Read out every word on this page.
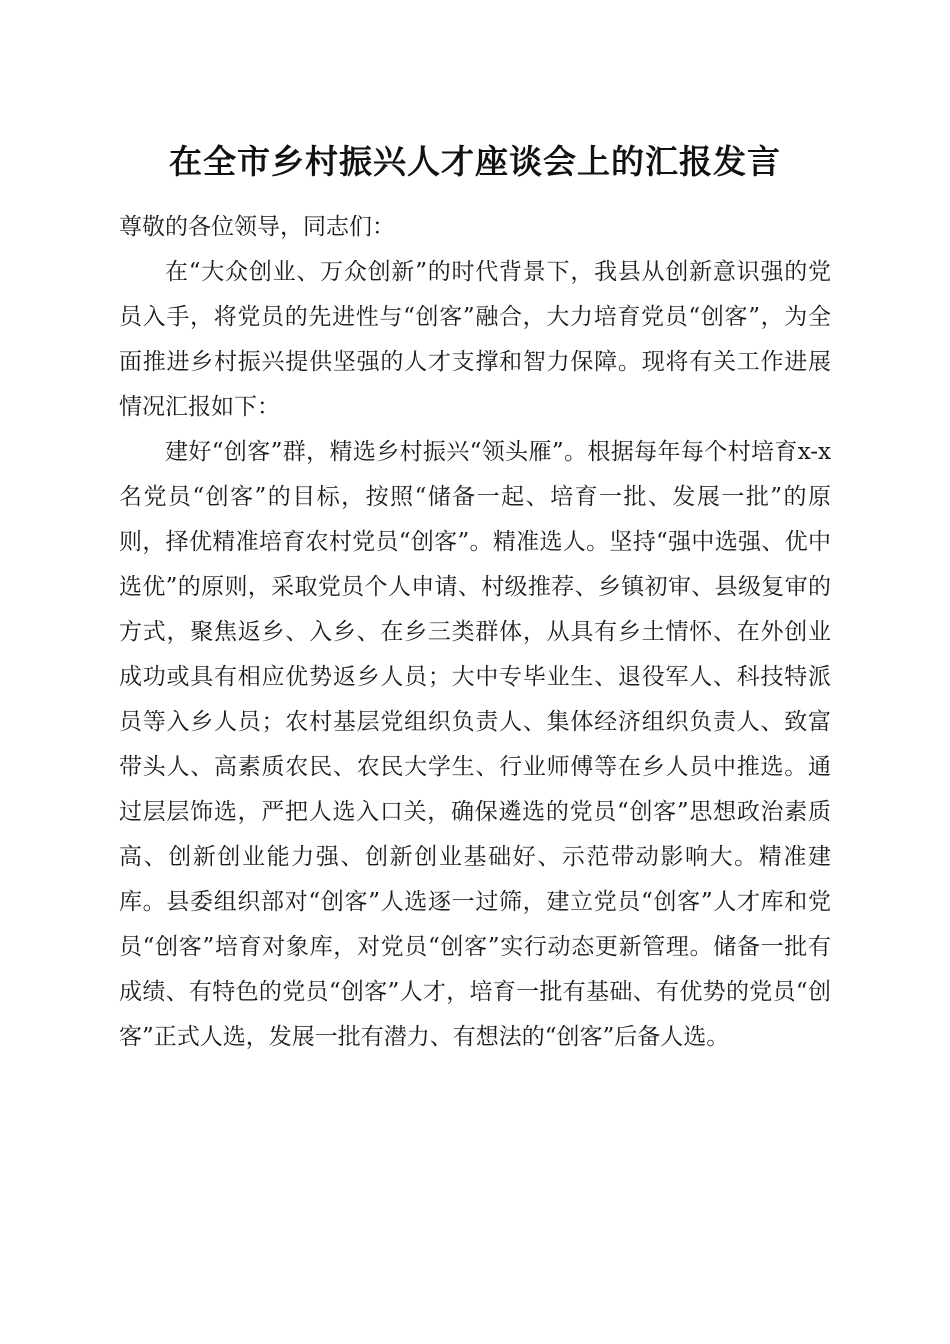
在全市乡村振兴人才座谈会上的汇报发言

尊敬的各位领导，同志们：

在“大众创业、万众创新”的时代背景下，我县从创新意识强的党员入手，将党员的先进性与“创客”融合，大力培育党员“创客”，为全面推进乡村振兴提供坚强的人才支撑和智力保障。现将有关工作进展情况汇报如下：

建好“创客”群，精选乡村振兴“领头雁”。根据每年每个村培育x-x名党员“创客”的目标，按照“储备一起、培育一批、发展一批”的原则，择优精准培育农村党员“创客”。精准选人。坚持“强中选强、优中选优”的原则，采取党员个人申请、村级推荐、乡镇初审、县级复审的方式，聚焦返乡、入乡、在乡三类群体，从具有乡土情怀、在外创业成功或具有相应优势返乡人员；大中专毕业生、退役军人、科技特派员等入乡人员；农村基层党组织负责人、集体经济组织负责人、致富带头人、高素质农民、农民大学生、行业师傅等在乡人员中推选。通过层层饰选，严把人选入口关，确保遴选的党员“创客”思想政治素质高、创新创业能力强、创新创业基础好、示范带动影响大。精准建库。县委组织部对“创客”人选逐一过筛，建立党员“创客”人才库和党员“创客”培育对象库，对党员“创客”实行动态更新管理。储备一批有成绩、有特色的党员“创客”人才，培育一批有基础、有优势的党员“创客”正式人选，发展一批有潜力、有想法的“创客”后备人选。
